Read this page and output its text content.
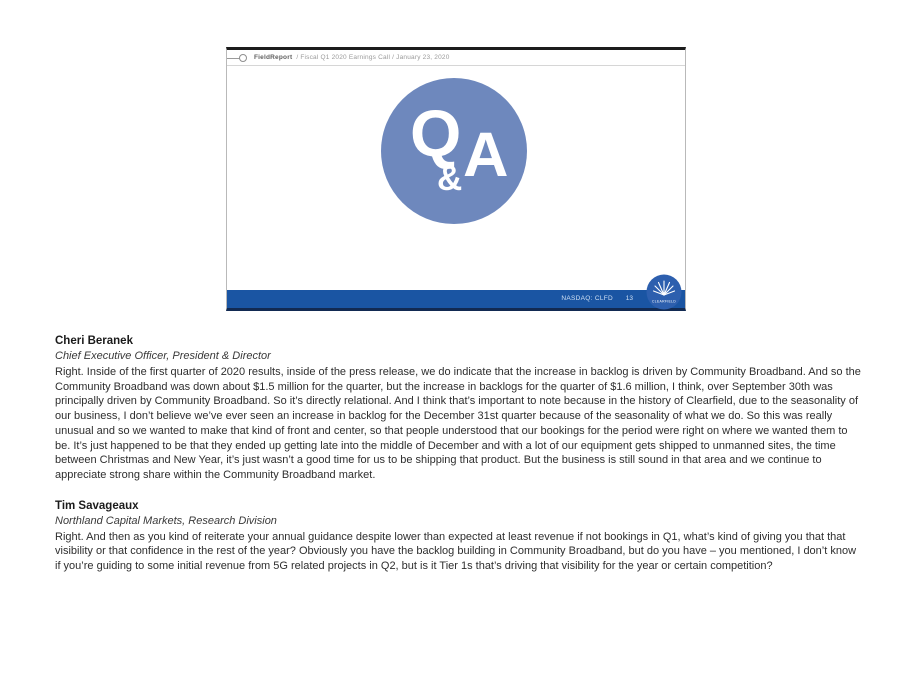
FieldReport / Fiscal Q1 2020 Earnings Call / January 23, 2020
Q
& A
NASDAQ: CLFD 13	CLEARFIELD
Cheri Beranek
Chief Executive Officer, President & Director
Right. Inside of the first quarter of 2020 results, inside of the press release, we do indicate that the increase in backlog is driven by Community Broadband. And so the Community Broadband was down about $1.5 million for the quarter, but the increase in backlogs for the quarter of $1.6 million, I think, over September 30th was principally driven by Community Broadband. So it’s directly relational. And I think that’s important to note because in the history of Clearfield, due to the seasonality of our business, I don’t believe we’ve ever seen an increase in backlog for the December 31st quarter because of the seasonality of what we do. So this was really unusual and so we wanted to make that kind of front and center, so that people understood that our bookings for the period were right on where we wanted them to be. It’s just happened to be that they ended up getting late into the middle of December and with a lot of our equipment gets shipped to unmanned sites, the time between Christmas and New Year, it’s just wasn’t a good time for us to be shipping that product. But the business is still sound in that area and we continue to appreciate strong share within the Community Broadband market.
Tim Savageaux
Northland Capital Markets, Research Division
Right. And then as you kind of reiterate your annual guidance despite lower than expected at least revenue if not bookings in Q1, what’s kind of giving you that that visibility or that confidence in the rest of the year? Obviously you have the backlog building in Community Broadband, but do you have – you mentioned, I don’t know if you’re guiding to some initial revenue from 5G related projects in Q2, but is it Tier 1s that’s driving that visibility for the year or certain competition?
